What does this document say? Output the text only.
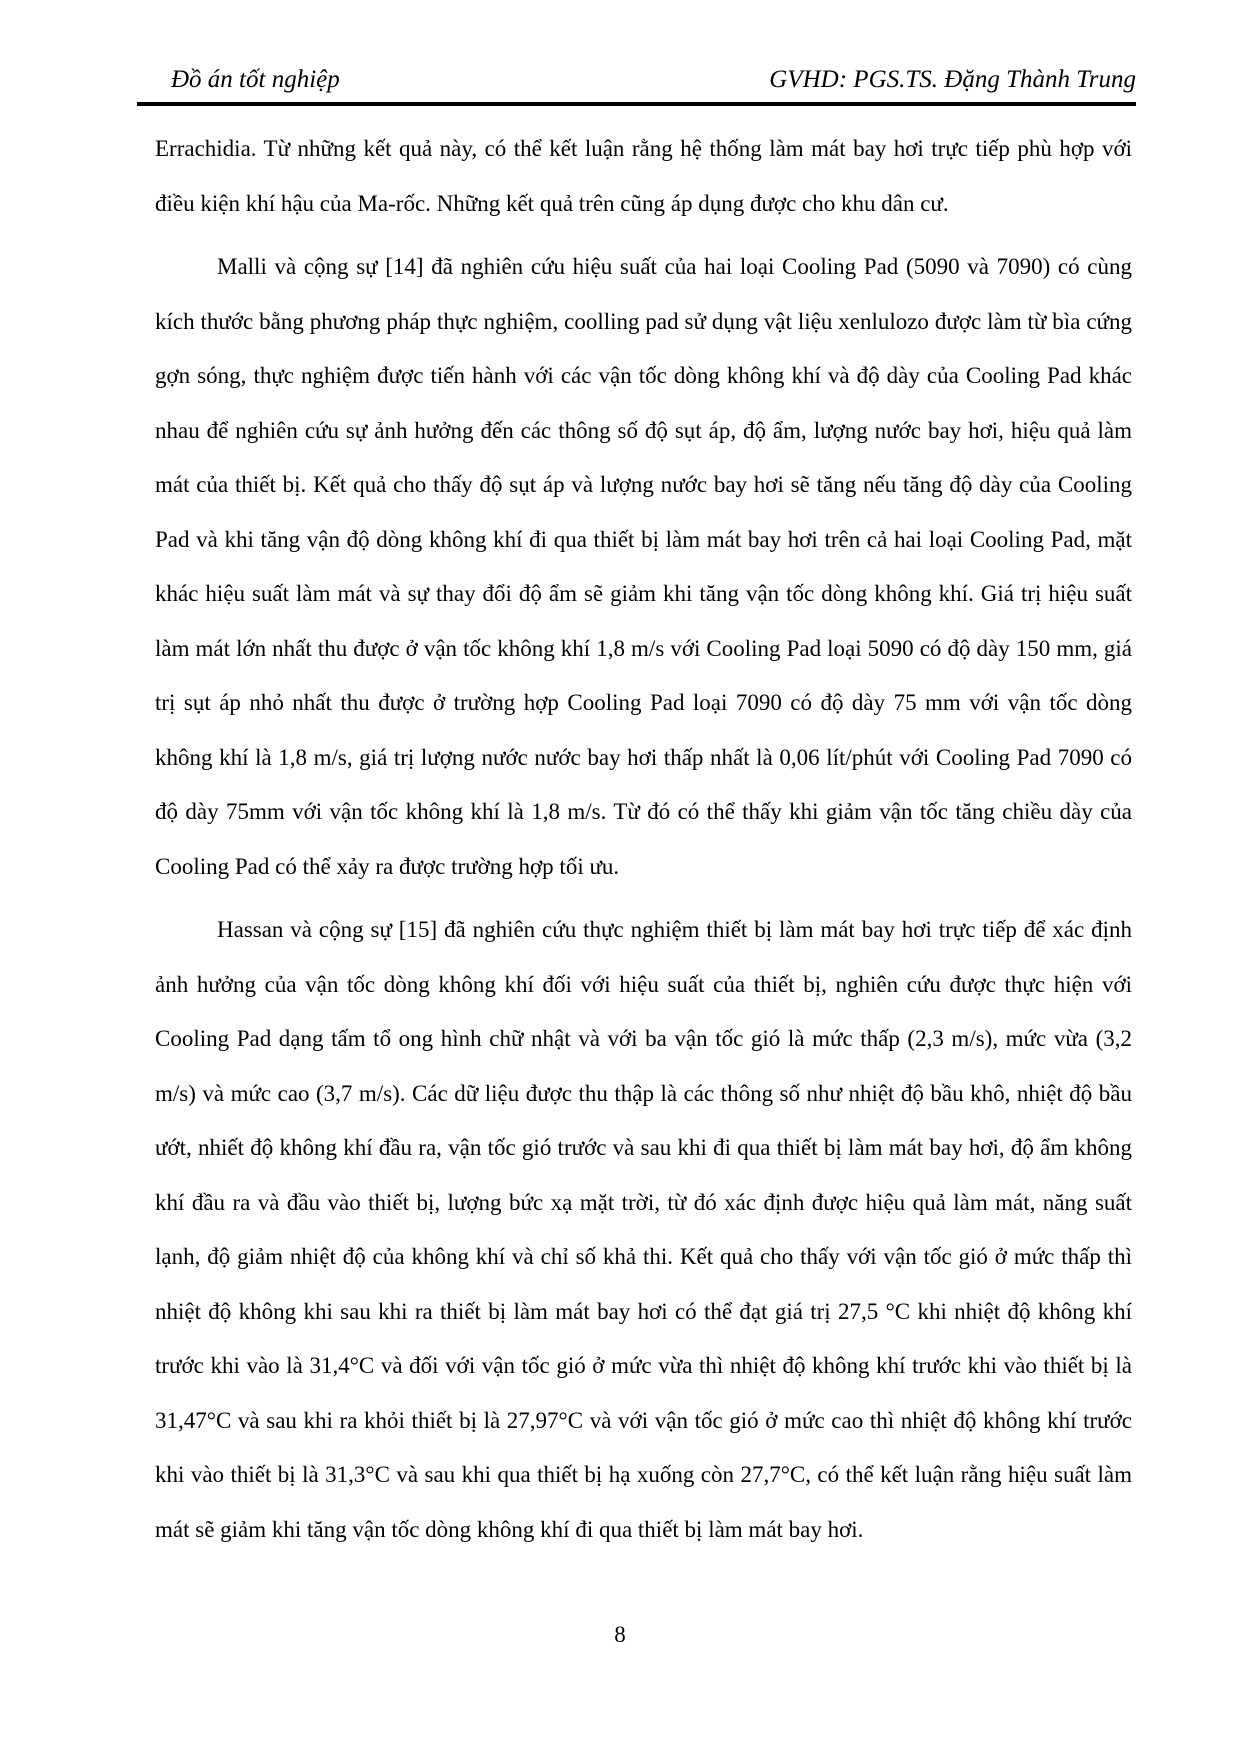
Đồ án tốt nghiệp	GVHD: PGS.TS. Đặng Thành Trung

Errachidia. Từ những kết quả này, có thể kết luận rằng hệ thống làm mát bay hơi trực tiếp phù hợp với điều kiện khí hậu của Ma-rốc. Những kết quả trên cũng áp dụng được cho khu dân cư.

Malli và cộng sự [14] đã nghiên cứu hiệu suất của hai loại Cooling Pad (5090 và 7090) có cùng kích thước bằng phương pháp thực nghiệm, coolling pad sử dụng vật liệu xenlulozo được làm từ bìa cứng gợn sóng, thực nghiệm được tiến hành với các vận tốc dòng không khí và độ dày của Cooling Pad khác nhau để nghiên cứu sự ảnh hưởng đến các thông số độ sụt áp, độ ẩm, lượng nước bay hơi, hiệu quả làm mát của thiết bị. Kết quả cho thấy độ sụt áp và lượng nước bay hơi sẽ tăng nếu tăng độ dày của Cooling Pad và khi tăng vận độ dòng không khí đi qua thiết bị làm mát bay hơi trên cả hai loại Cooling Pad, mặt khác hiệu suất làm mát và sự thay đổi độ ẩm sẽ giảm khi tăng vận tốc dòng không khí. Giá trị hiệu suất làm mát lớn nhất thu được ở vận tốc không khí 1,8 m/s với Cooling Pad loại 5090 có độ dày 150 mm, giá trị sụt áp nhỏ nhất thu được ở trường hợp Cooling Pad loại 7090 có độ dày 75 mm với vận tốc dòng không khí là 1,8 m/s, giá trị lượng nước nước bay hơi thấp nhất là 0,06 lít/phút với Cooling Pad 7090 có độ dày 75mm với vận tốc không khí là 1,8 m/s. Từ đó có thể thấy khi giảm vận tốc tăng chiều dày của Cooling Pad có thể xảy ra được trường hợp tối ưu.

Hassan và cộng sự [15] đã nghiên cứu thực nghiệm thiết bị làm mát bay hơi trực tiếp để xác định ảnh hưởng của vận tốc dòng không khí đối với hiệu suất của thiết bị, nghiên cứu được thực hiện với Cooling Pad dạng tấm tổ ong hình chữ nhật và với ba vận tốc gió là mức thấp (2,3 m/s), mức vừa (3,2 m/s) và mức cao (3,7 m/s). Các dữ liệu được thu thập là các thông số như nhiệt độ bầu khô, nhiệt độ bầu ướt, nhiết độ không khí đầu ra, vận tốc gió trước và sau khi đi qua thiết bị làm mát bay hơi, độ ẩm không khí đầu ra và đầu vào thiết bị, lượng bức xạ mặt trời, từ đó xác định được hiệu quả làm mát, năng suất lạnh, độ giảm nhiệt độ của không khí và chỉ số khả thi. Kết quả cho thấy với vận tốc gió ở mức thấp thì nhiệt độ không khi sau khi ra thiết bị làm mát bay hơi có thể đạt giá trị 27,5 °C khi nhiệt độ không khí trước khi vào là 31,4°C và đối với vận tốc gió ở mức vừa thì nhiệt độ không khí trước khi vào thiết bị là 31,47°C và sau khi ra khỏi thiết bị là 27,97°C và với vận tốc gió ở mức cao thì nhiệt độ không khí trước khi vào thiết bị là 31,3°C và sau khi qua thiết bị hạ xuống còn 27,7°C, có thể kết luận rằng hiệu suất làm mát sẽ giảm khi tăng vận tốc dòng không khí đi qua thiết bị làm mát bay hơi.

8
